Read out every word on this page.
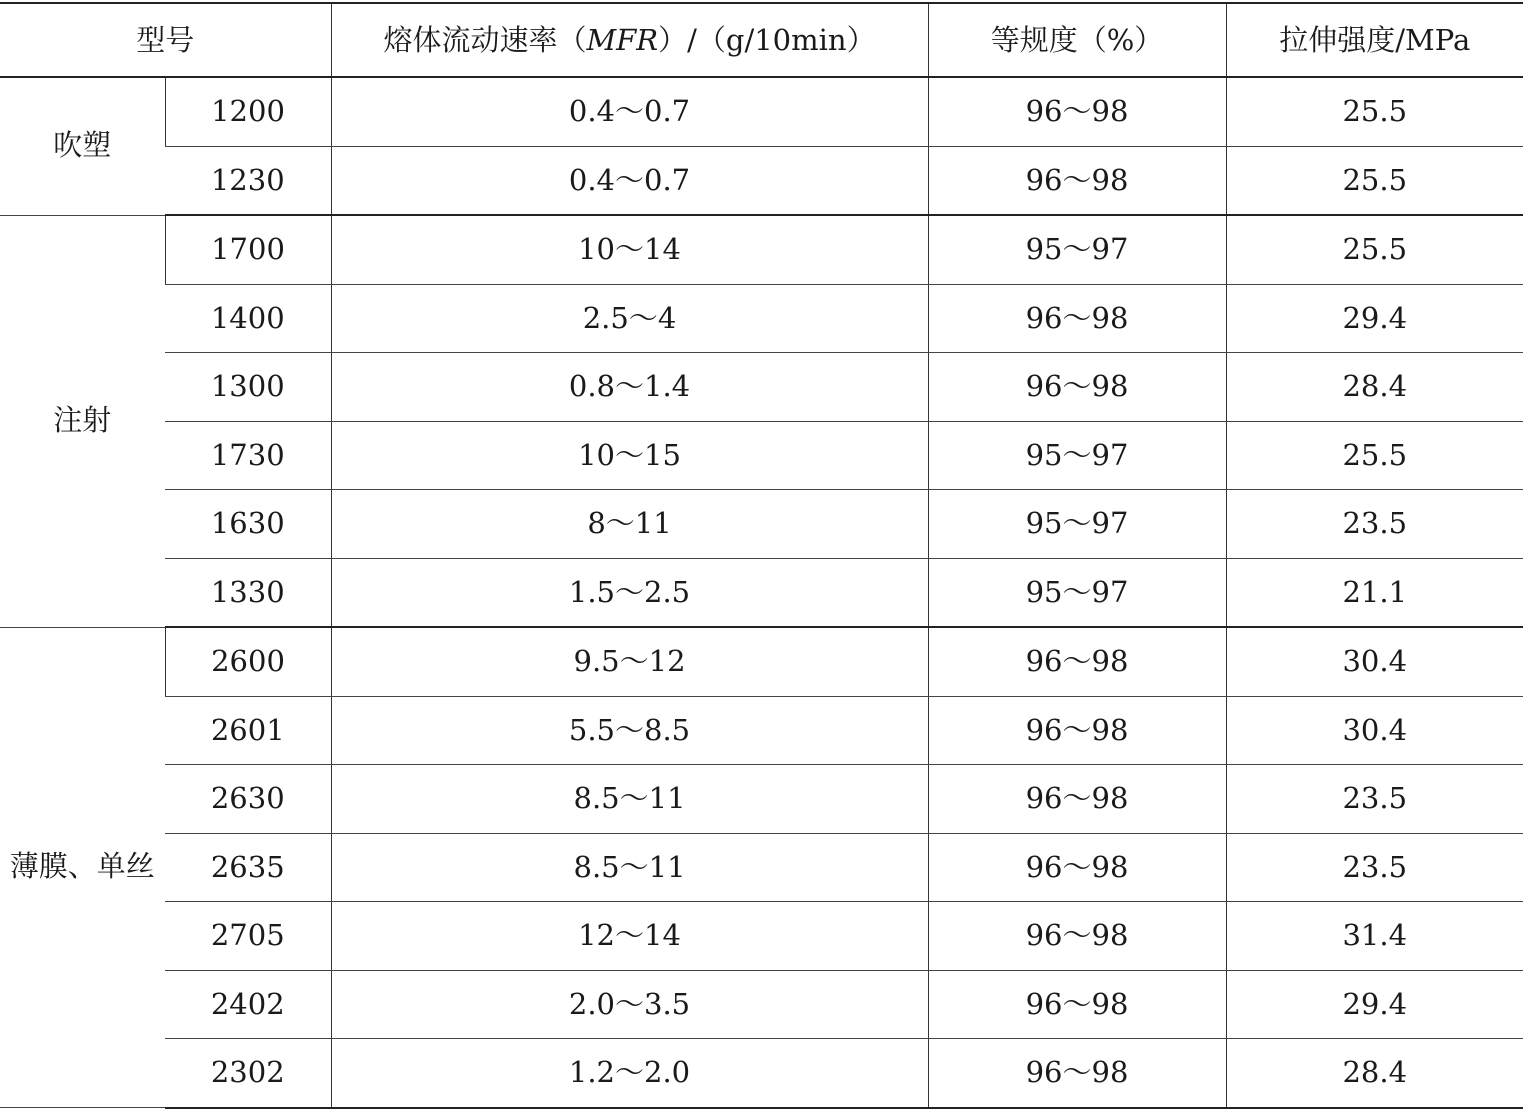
型号		熔体流动速率（MFR）/（g/10min）	等规度（%）	拉伸强度/MPa
吹塑	1200	0.4～0.7	96～98	25.5
	1230	0.4～0.7	96～98	25.5
注射	1700	10～14	95～97	25.5
	1400	2.5～4	96～98	29.4
	1300	0.8～1.4	96～98	28.4
	1730	10～15	95～97	25.5
	1630	8～11	95～97	23.5
	1330	1.5～2.5	95～97	21.1
薄膜、单丝	2600	9.5～12	96～98	30.4
	2601	5.5～8.5	96～98	30.4
	2630	8.5～11	96～98	23.5
	2635	8.5～11	96～98	23.5
	2705	12～14	96～98	31.4
	2402	2.0～3.5	96～98	29.4
	2302	1.2～2.0	96～98	28.4
